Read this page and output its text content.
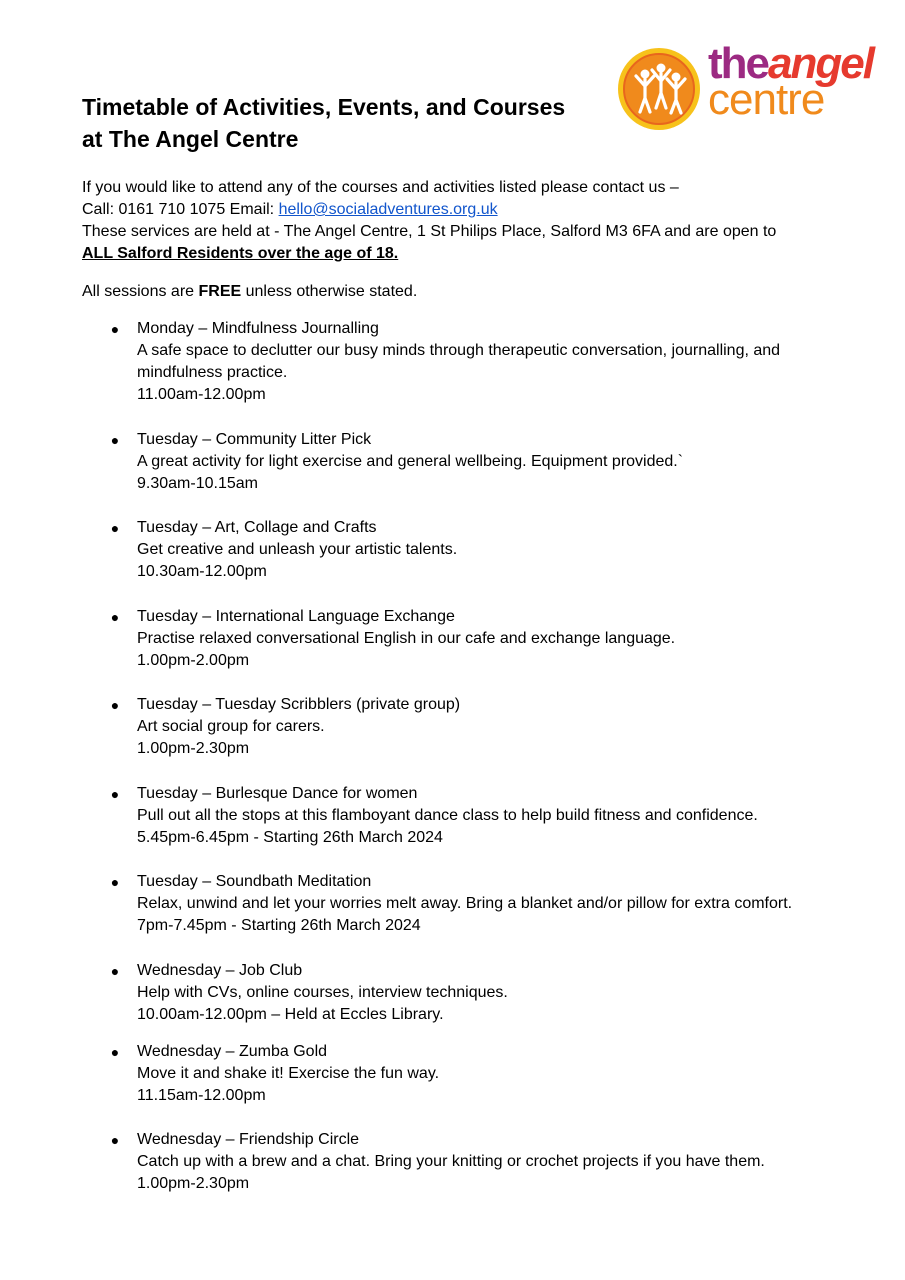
theangel
centre
Timetable of Activities, Events, and Courses
at The Angel Centre
If you would like to attend any of the courses and activities listed please contact us –
Call: 0161 710 1075 Email: hello@socialadventures.org.uk
These services are held at - The Angel Centre, 1 St Philips Place, Salford M3 6FA and are open to
ALL Salford Residents over the age of 18.
All sessions are FREE unless otherwise stated.
● Monday – Mindfulness Journalling
A safe space to declutter our busy minds through therapeutic conversation, journalling, and mindfulness practice.
11.00am-12.00pm
● Tuesday – Community Litter Pick
A great activity for light exercise and general wellbeing. Equipment provided.`
9.30am-10.15am
● Tuesday – Art, Collage and Crafts
Get creative and unleash your artistic talents.
10.30am-12.00pm
● Tuesday – International Language Exchange
Practise relaxed conversational English in our cafe and exchange language.
1.00pm-2.00pm
● Tuesday – Tuesday Scribblers (private group)
Art social group for carers.
1.00pm-2.30pm
● Tuesday – Burlesque Dance for women
Pull out all the stops at this flamboyant dance class to help build fitness and confidence.
5.45pm-6.45pm - Starting 26th March 2024
● Tuesday – Soundbath Meditation
Relax, unwind and let your worries melt away. Bring a blanket and/or pillow for extra comfort.
7pm-7.45pm - Starting 26th March 2024
● Wednesday – Job Club
Help with CVs, online courses, interview techniques.
10.00am-12.00pm – Held at Eccles Library.
● Wednesday – Zumba Gold
Move it and shake it! Exercise the fun way.
11.15am-12.00pm
● Wednesday – Friendship Circle
Catch up with a brew and a chat. Bring your knitting or crochet projects if you have them.
1.00pm-2.30pm
